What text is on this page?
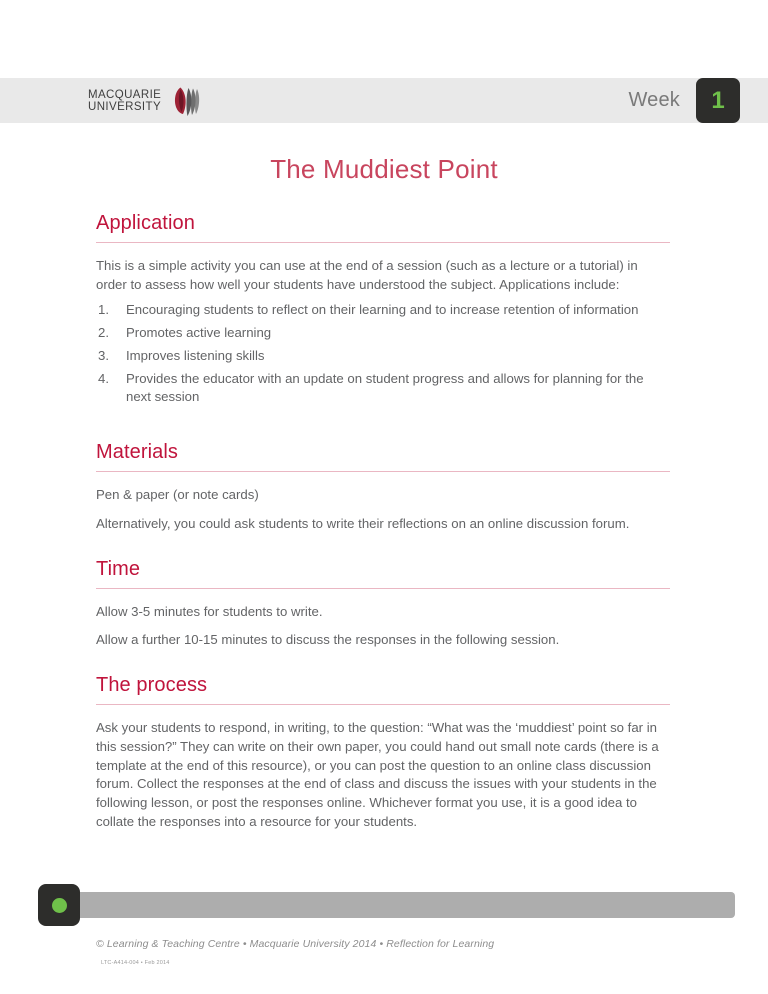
MACQUARIE
UNIVERSITY	Week	1
The Muddiest Point
Application

This is a simple activity you can use at the end of a session (such as a lecture or a tutorial) in order to assess how well your students have understood the subject. Applications include:

Encouraging students to reflect on their learning and to increase retention of information
Promotes active learning
Improves listening skills
Provides the educator with an update on student progress and allows for planning for the next session
Materials

Pen & paper (or note cards)

Alternatively, you could ask students to write their reflections on an online discussion forum.

Time

Allow 3-5 minutes for students to write.

Allow a further 10-15 minutes to discuss the responses in the following session.

The process

Ask your students to respond, in writing, to the question: “What was the ‘muddiest’ point so far in this session?” They can write on their own paper, you could hand out small note cards (there is a template at the end of this resource), or you can post the question to an online class discussion forum. Collect the responses at the end of class and discuss the issues with your students in the following lesson, or post the responses online. Whichever format you use, it is a good idea to collate the responses into a resource for your students.

© Learning & Teaching Centre • Macquarie University 2014 • Reflection for Learning
LTC-A414-004 • Feb 2014
